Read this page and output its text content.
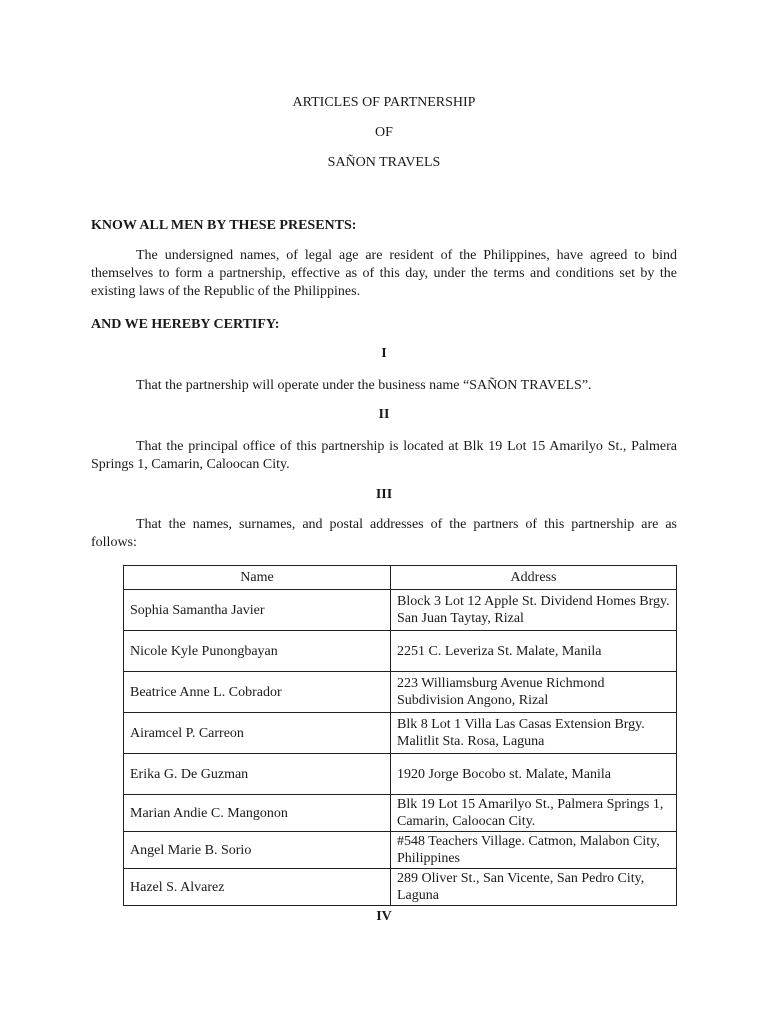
ARTICLES OF PARTNERSHIP
OF
SAÑON TRAVELS
KNOW ALL MEN BY THESE PRESENTS:

The undersigned names, of legal age are resident of the Philippines, have agreed to bind themselves to form a partnership, effective as of this day, under the terms and conditions set by the existing laws of the Republic of the Philippines.

AND WE HEREBY CERTIFY:
I

That the partnership will operate under the business name “SAÑON TRAVELS”.

II

That the principal office of this partnership is located at Blk 19 Lot 15 Amarilyo St., Palmera Springs 1, Camarin, Caloocan City.

III

That the names, surnames, and postal addresses of the partners of this partnership are as follows:

Name	Address
Sophia Samantha Javier	Block 3 Lot 12 Apple St. Dividend Homes Brgy. San Juan Taytay, Rizal
Nicole Kyle Punongbayan	2251 C. Leveriza St. Malate, Manila
Beatrice Anne L. Cobrador	223 Williamsburg Avenue Richmond Subdivision Angono, Rizal
Airamcel P. Carreon	Blk 8 Lot 1 Villa Las Casas Extension Brgy. Malitlit Sta. Rosa, Laguna
Erika G. De Guzman	1920 Jorge Bocobo st. Malate, Manila
Marian Andie C. Mangonon	Blk 19 Lot 15 Amarilyo St., Palmera Springs 1, Camarin, Caloocan City.
Angel Marie B. Sorio	#548 Teachers Village. Catmon, Malabon City, Philippines
Hazel S. Alvarez	289 Oliver St., San Vicente, San Pedro City, Laguna
IV
